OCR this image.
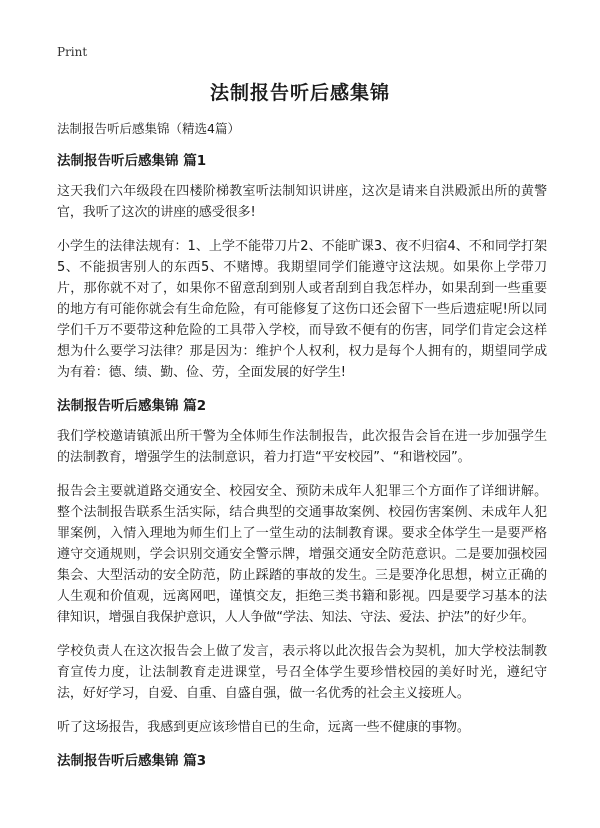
Print
法制报告听后感集锦

法制报告听后感集锦（精选4篇）

法制报告听后感集锦 篇1

这天我们六年级段在四楼阶梯教室听法制知识讲座，这次是请来自洪殿派出所的黄警官，我听了这次的讲座的感受很多!

小学生的法律法规有：1、上学不能带刀片2、不能旷课3、夜不归宿4、不和同学打架5、不能损害别人的东西5、不赌博。我期望同学们能遵守这法规。如果你上学带刀片，那你就不对了，如果你不留意刮到别人或者刮到自我怎样办，如果刮到一些重要的地方有可能你就会有生命危险，有可能修复了这伤口还会留下一些后遗症呢!所以同学们千万不要带这种危险的工具带入学校，而导致不便有的伤害，同学们肯定会这样想为什么要学习法律？那是因为：维护个人权利，权力是每个人拥有的，期望同学成为有着：德、绩、勤、俭、劳，全面发展的好学生!

法制报告听后感集锦 篇2

我们学校邀请镇派出所干警为全体师生作法制报告，此次报告会旨在进一步加强学生的法制教育，增强学生的法制意识，着力打造“平安校园”、“和谐校园”。

报告会主要就道路交通安全、校园安全、预防未成年人犯罪三个方面作了详细讲解。整个法制报告联系生活实际，结合典型的交通事故案例、校园伤害案例、未成年人犯罪案例，入情入理地为师生们上了一堂生动的法制教育课。要求全体学生一是要严格遵守交通规则，学会识别交通安全警示牌，增强交通安全防范意识。二是要加强校园集会、大型活动的安全防范，防止踩踏的事故的发生。三是要净化思想，树立正确的人生观和价值观，远离网吧，谨慎交友，拒绝三类书籍和影视。四是要学习基本的法律知识，增强自我保护意识，人人争做“学法、知法、守法、爱法、护法”的好少年。

学校负责人在这次报告会上做了发言，表示将以此次报告会为契机，加大学校法制教育宣传力度，让法制教育走进课堂，号召全体学生要珍惜校园的美好时光，遵纪守法，好好学习，自爱、自重、自盛自强，做一名优秀的社会主义接班人。

听了这场报告，我感到更应该珍惜自已的生命，远离一些不健康的事物。

法制报告听后感集锦 篇3
